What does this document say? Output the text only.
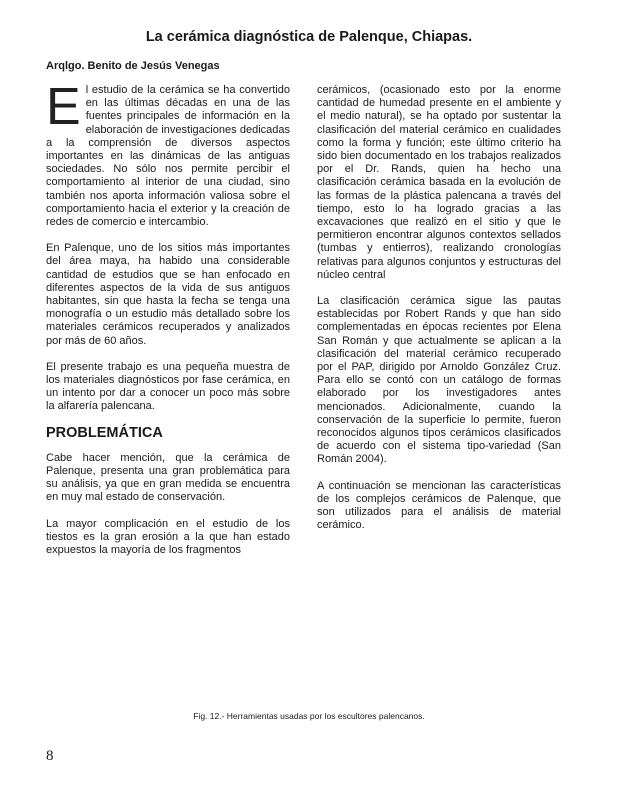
La cerámica diagnóstica de Palenque, Chiapas.
Arqlgo. Benito de Jesús Venegas

El estudio de la cerámica se ha convertido en las últimas décadas en una de las fuentes principales de información en la elaboración de investigaciones dedicadas a la comprensión de diversos aspectos importantes en las dinámicas de las antiguas sociedades. No sólo nos permite percibir el comportamiento al interior de una ciudad, sino también nos aporta información valiosa sobre el comportamiento hacia el exterior y la creación de redes de comercio e intercambio.

En Palenque, uno de los sitios más importantes del área maya, ha habido una considerable cantidad de estudios que se han enfocado en diferentes aspectos de la vida de sus antiguos habitantes, sin que hasta la fecha se tenga una monografía o un estudio más detallado sobre los materiales cerámicos recuperados y analizados por más de 60 años.

El presente trabajo es una pequeña muestra de los materiales diagnósticos por fase cerámica, en un intento por dar a conocer un poco más sobre la alfarería palencana.

PROBLEMÁTICA

Cabe hacer mención, que la cerámica de Palenque, presenta una gran problemática para su análisis, ya que en gran medida se encuentra en muy mal estado de conservación.

La mayor complicación en el estudio de los tiestos es la gran erosión a la que han estado expuestos la mayoría de los fragmentos

cerámicos, (ocasionado esto por la enorme cantidad de humedad presente en el ambiente y el medio natural), se ha optado por sustentar la clasificación del material cerámico en cualidades como la forma y función; este último criterio ha sido bien documentado en los trabajos realizados por el Dr. Rands, quien ha hecho una clasificación cerámica basada en la evolución de las formas de la plástica palencana a través del tiempo, esto lo ha logrado gracias a las excavaciones que realizó en el sitio y que le permitieron encontrar algunos contextos sellados (tumbas y entierros), realizando cronologías relativas para algunos conjuntos y estructuras del núcleo central

La clasificación cerámica sigue las pautas establecidas por Robert Rands y que han sido complementadas en épocas recientes por Elena San Román y que actualmente se aplican a la clasificación del material cerámico recuperado por el PAP, dirigido por Arnoldo González Cruz. Para ello se contó con un catálogo de formas elaborado por los investigadores antes mencionados. Adicionalmente, cuando la conservación de la superficie lo permite, fueron reconocidos algunos tipos cerámicos clasificados de acuerdo con el sistema tipo-variedad (San Román 2004).

A continuación se mencionan las características de los complejos cerámicos de Palenque, que son utilizados para el análisis de material cerámico.

Fig. 12.- Herramientas usadas por los escultores palencanos.
8
